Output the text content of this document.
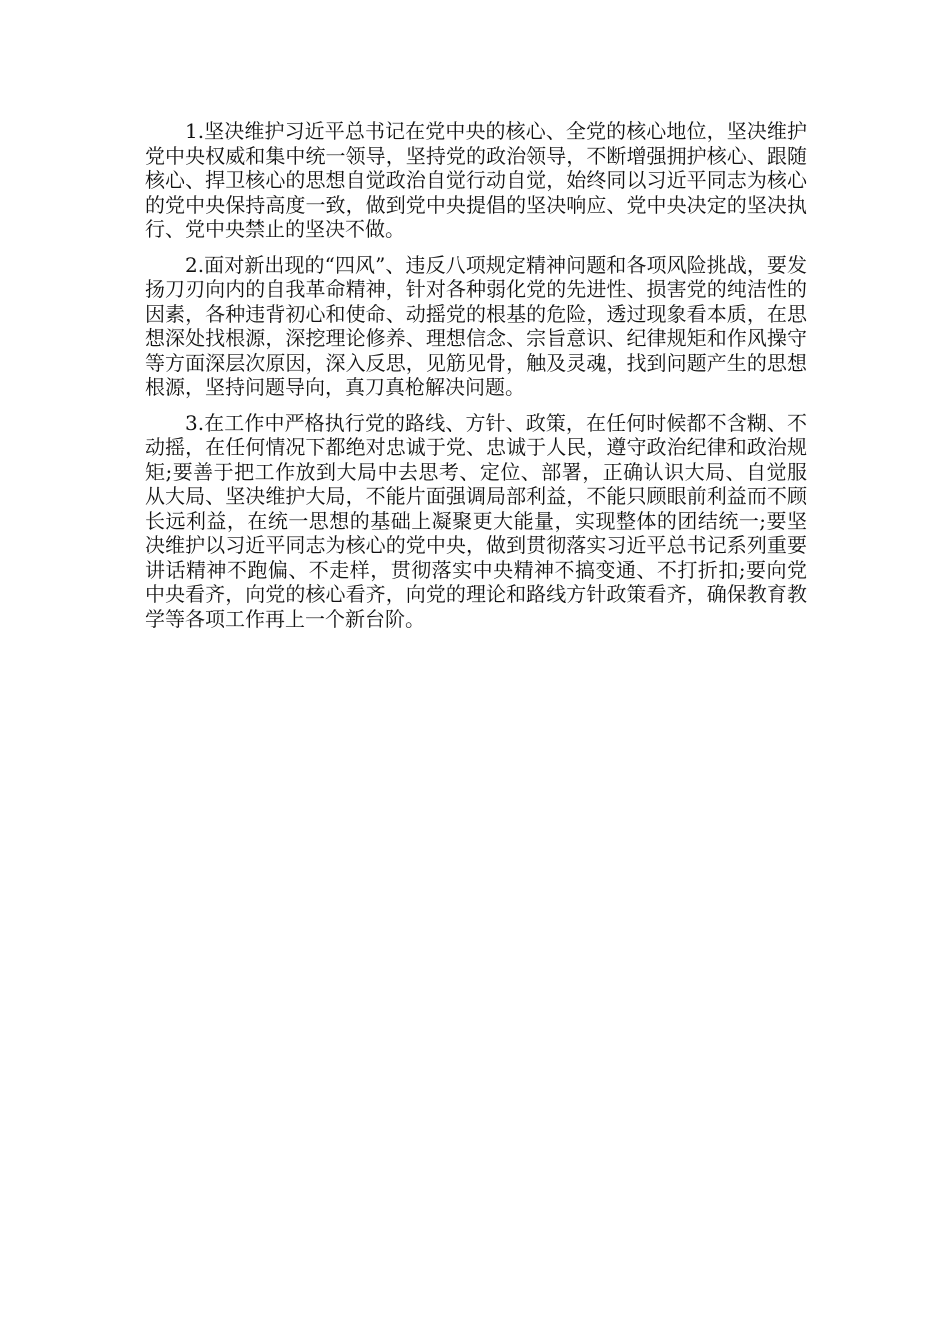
1.坚决维护习近平总书记在党中央的核心、全党的核心地位，坚决维护党中央权威和集中统一领导，坚持党的政治领导，不断增强拥护核心、跟随核心、捍卫核心的思想自觉政治自觉行动自觉，始终同以习近平同志为核心的党中央保持高度一致，做到党中央提倡的坚决响应、党中央决定的坚决执行、党中央禁止的坚决不做。

2.面对新出现的“四风”、违反八项规定精神问题和各项风险挑战，要发扬刀刃向内的自我革命精神，针对各种弱化党的先进性、损害党的纯洁性的因素，各种违背初心和使命、动摇党的根基的危险，透过现象看本质，在思想深处找根源，深挖理论修养、理想信念、宗旨意识、纪律规矩和作风操守等方面深层次原因，深入反思，见筋见骨，触及灵魂，找到问题产生的思想根源，坚持问题导向，真刀真枪解决问题。

3.在工作中严格执行党的路线、方针、政策，在任何时候都不含糊、不动摇，在任何情况下都绝对忠诚于党、忠诚于人民，遵守政治纪律和政治规矩;要善于把工作放到大局中去思考、定位、部署，正确认识大局、自觉服从大局、坚决维护大局，不能片面强调局部利益，不能只顾眼前利益而不顾长远利益，在统一思想的基础上凝聚更大能量，实现整体的团结统一;要坚决维护以习近平同志为核心的党中央，做到贯彻落实习近平总书记系列重要讲话精神不跑偏、不走样，贯彻落实中央精神不搞变通、不打折扣;要向党中央看齐，向党的核心看齐，向党的理论和路线方针政策看齐，确保教育教学等各项工作再上一个新台阶。
